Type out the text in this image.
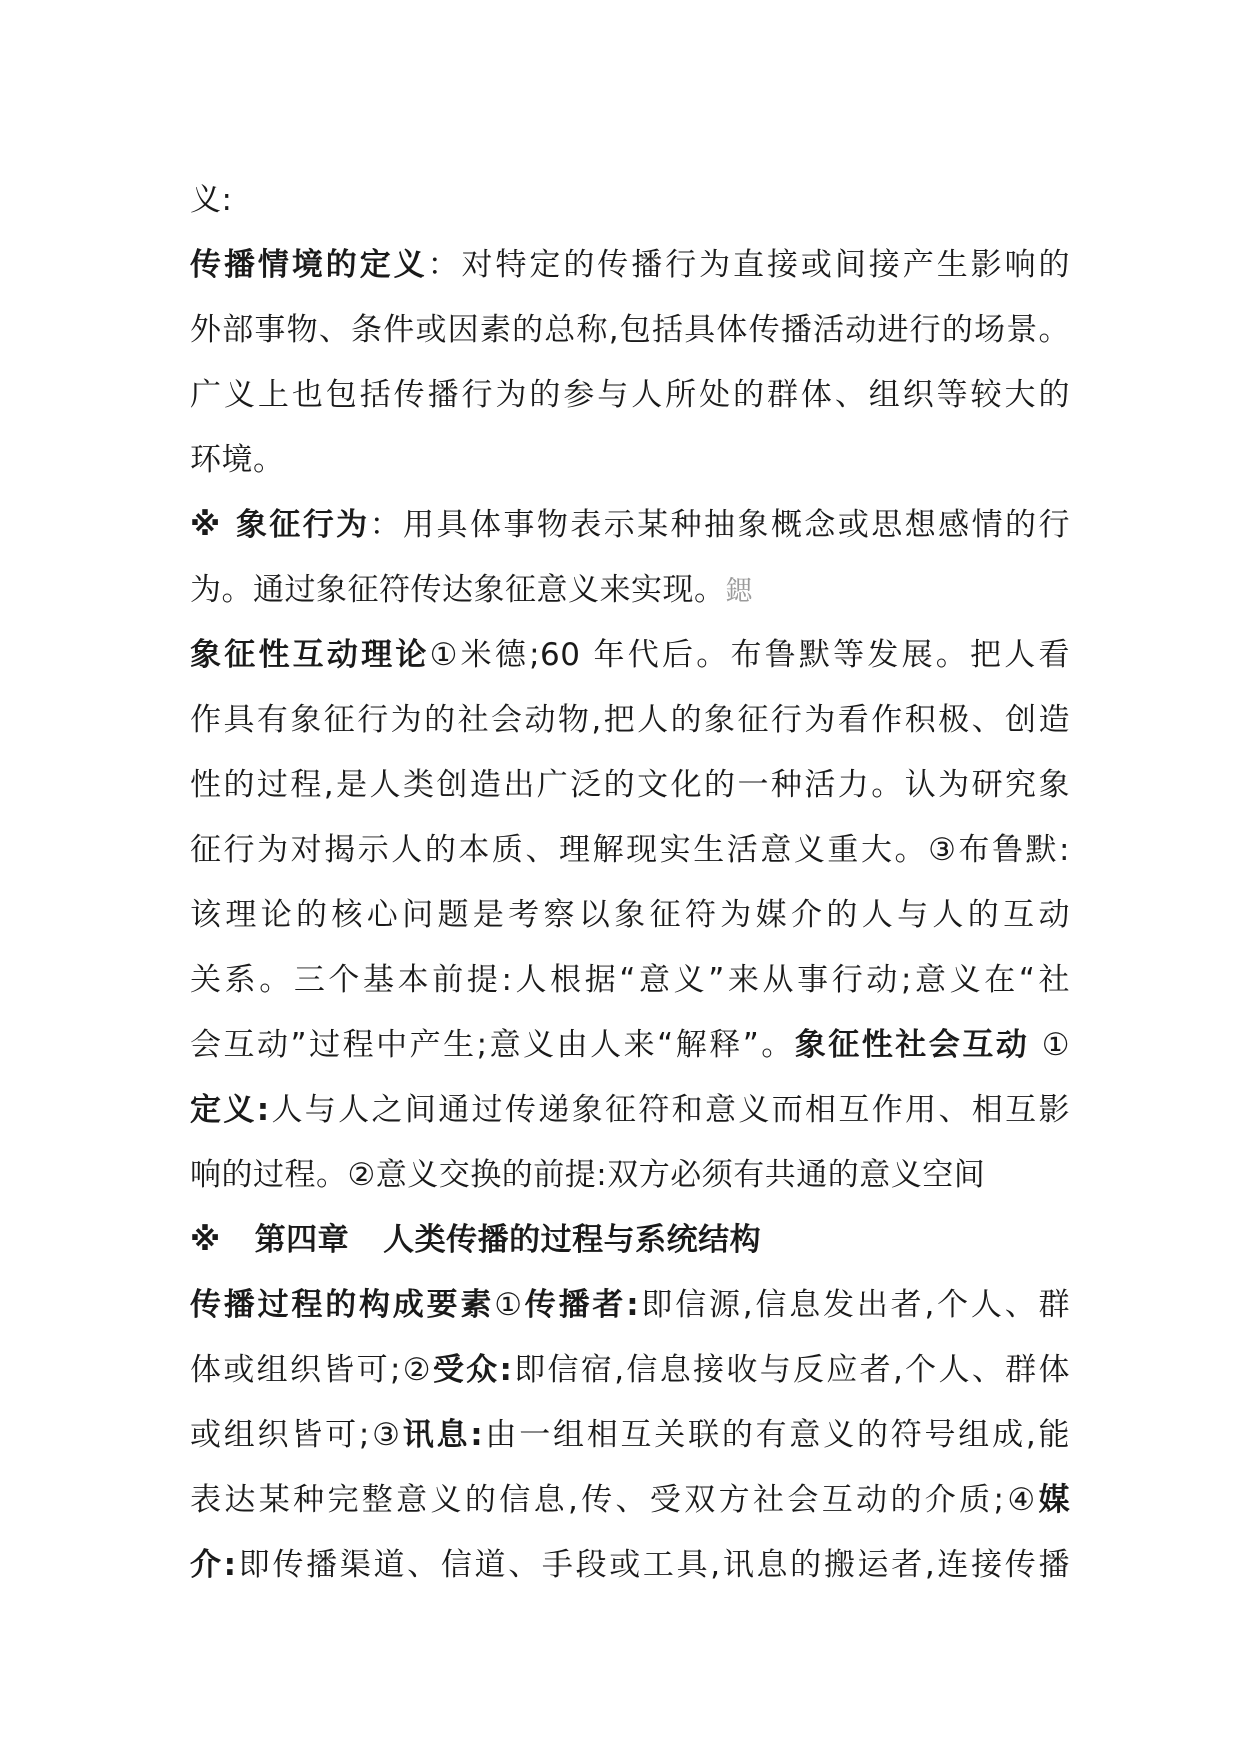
义:
传播情境的定义：对特定的传播行为直接或间接产生影响的
外部事物、条件或因素的总称,包括具体传播活动进行的场景。
广义上也包括传播行为的参与人所处的群体、组织等较大的
环境。
※ 象征行为：用具体事物表示某种抽象概念或思想感情的行
为。通过象征符传达象征意义来实现。鍶
象征性互动理论①米德;60 年代后。布鲁默等发展。把人看
作具有象征行为的社会动物,把人的象征行为看作积极、创造
性的过程,是人类创造出广泛的文化的一种活力。认为研究象
征行为对揭示人的本质、理解现实生活意义重大。③布鲁默:
该理论的核心问题是考察以象征符为媒介的人与人的互动
关系。三个基本前提:人根据“意义”来从事行动;意义在“社
会互动”过程中产生;意义由人来“解释”。象征性社会互动 ①
定义:人与人之间通过传递象征符和意义而相互作用、相互影
响的过程。②意义交换的前提:双方必须有共通的意义空间
※ 第四章 人类传播的过程与系统结构
传播过程的构成要素①传播者:即信源,信息发出者,个人、群
体或组织皆可;②受众:即信宿,信息接收与反应者,个人、群体
或组织皆可;③讯息:由一组相互关联的有意义的符号组成,能
表达某种完整意义的信息,传、受双方社会互动的介质;④媒
介:即传播渠道、信道、手段或工具,讯息的搬运者,连接传播
